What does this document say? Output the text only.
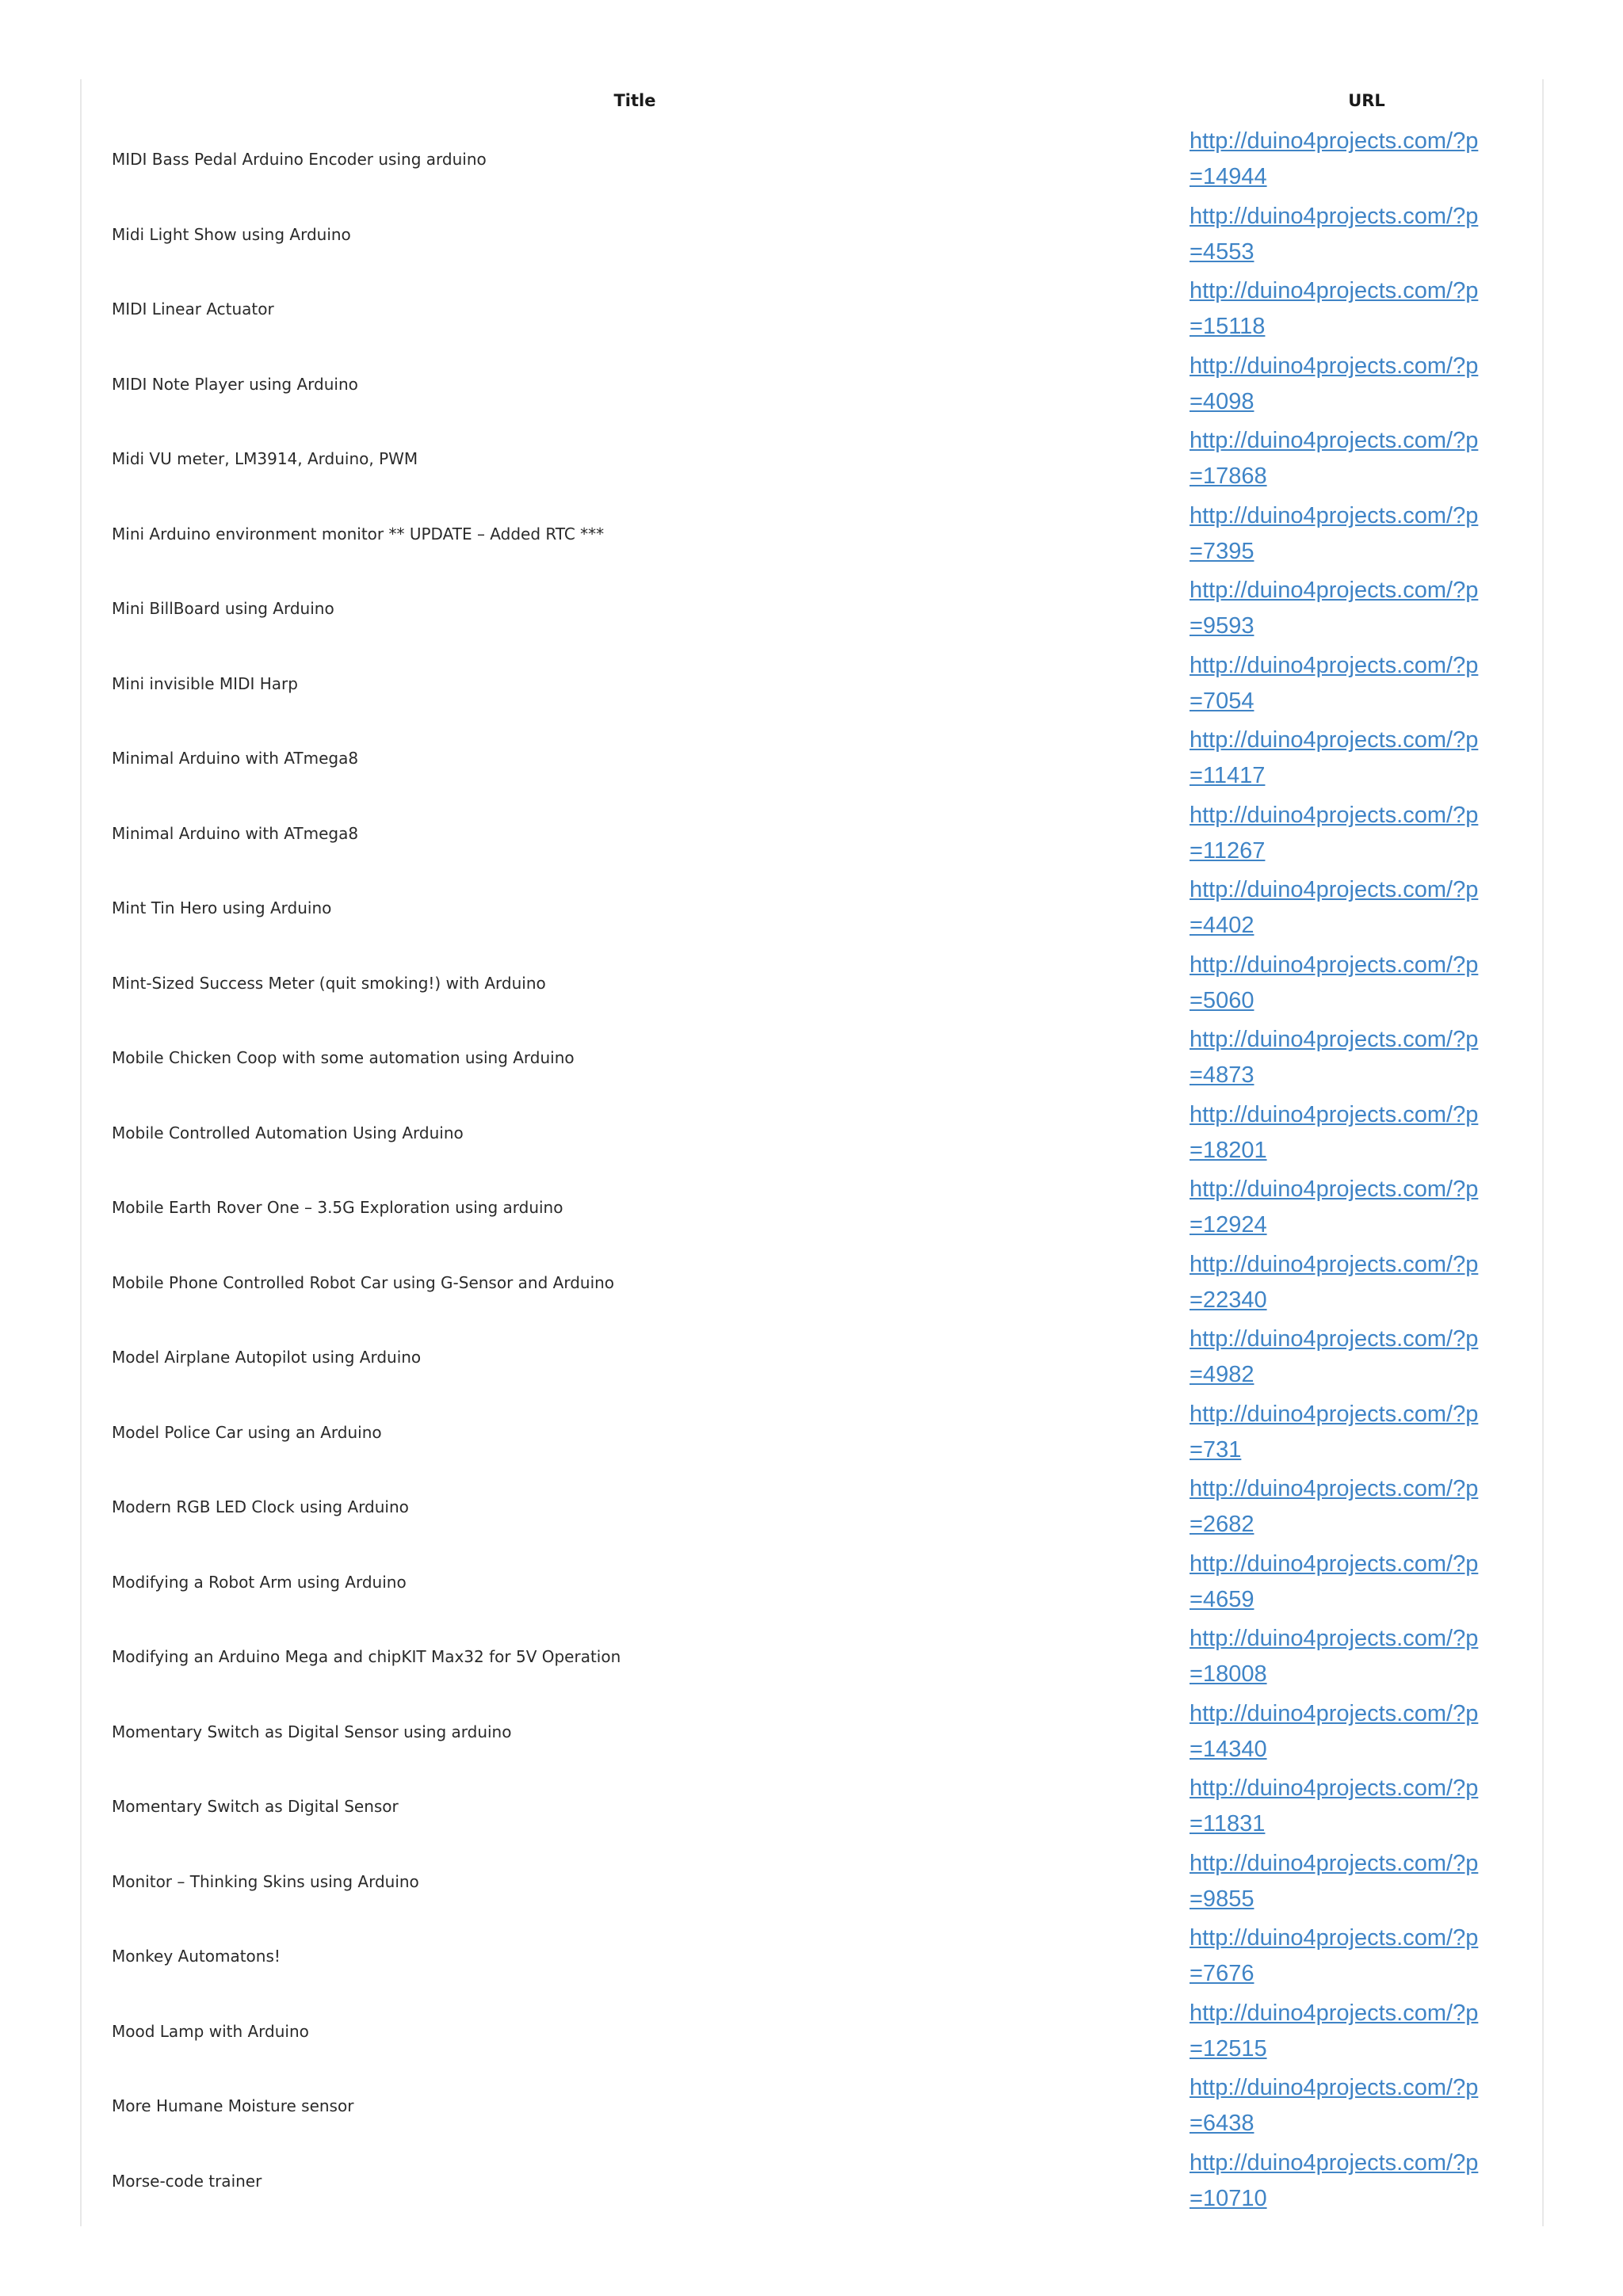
Title	URL
MIDI Bass Pedal Arduino Encoder using arduino	http://duino4projects.com/?p=14944

Midi Light Show using Arduino	http://duino4projects.com/?p=4553

MIDI Linear Actuator	http://duino4projects.com/?p=15118

MIDI Note Player using Arduino	http://duino4projects.com/?p=4098

Midi VU meter, LM3914, Arduino, PWM	http://duino4projects.com/?p=17868

Mini Arduino environment monitor ** UPDATE – Added RTC ***	http://duino4projects.com/?p=7395

Mini BillBoard using Arduino	http://duino4projects.com/?p=9593

Mini invisible MIDI Harp	http://duino4projects.com/?p=7054

Minimal Arduino with ATmega8	http://duino4projects.com/?p=11417

Minimal Arduino with ATmega8	http://duino4projects.com/?p=11267

Mint Tin Hero using Arduino	http://duino4projects.com/?p=4402

Mint-Sized Success Meter (quit smoking!) with Arduino	http://duino4projects.com/?p=5060

Mobile Chicken Coop with some automation using Arduino	http://duino4projects.com/?p=4873

Mobile Controlled Automation Using Arduino	http://duino4projects.com/?p=18201

Mobile Earth Rover One – 3.5G Exploration using arduino	http://duino4projects.com/?p=12924

Mobile Phone Controlled Robot Car using G-Sensor and Arduino	http://duino4projects.com/?p=22340

Model Airplane Autopilot using Arduino	http://duino4projects.com/?p=4982

Model Police Car using an Arduino	http://duino4projects.com/?p=731

Modern RGB LED Clock using Arduino	http://duino4projects.com/?p=2682

Modifying a Robot Arm using Arduino	http://duino4projects.com/?p=4659

Modifying an Arduino Mega and chipKIT Max32 for 5V Operation	http://duino4projects.com/?p=18008

Momentary Switch as Digital Sensor using arduino	http://duino4projects.com/?p=14340

Momentary Switch as Digital Sensor	http://duino4projects.com/?p=11831

Monitor – Thinking Skins using Arduino	http://duino4projects.com/?p=9855

Monkey Automatons!	http://duino4projects.com/?p=7676

Mood Lamp with Arduino	http://duino4projects.com/?p=12515

More Humane Moisture sensor	http://duino4projects.com/?p=6438

Morse-code trainer	http://duino4projects.com/?p=10710
